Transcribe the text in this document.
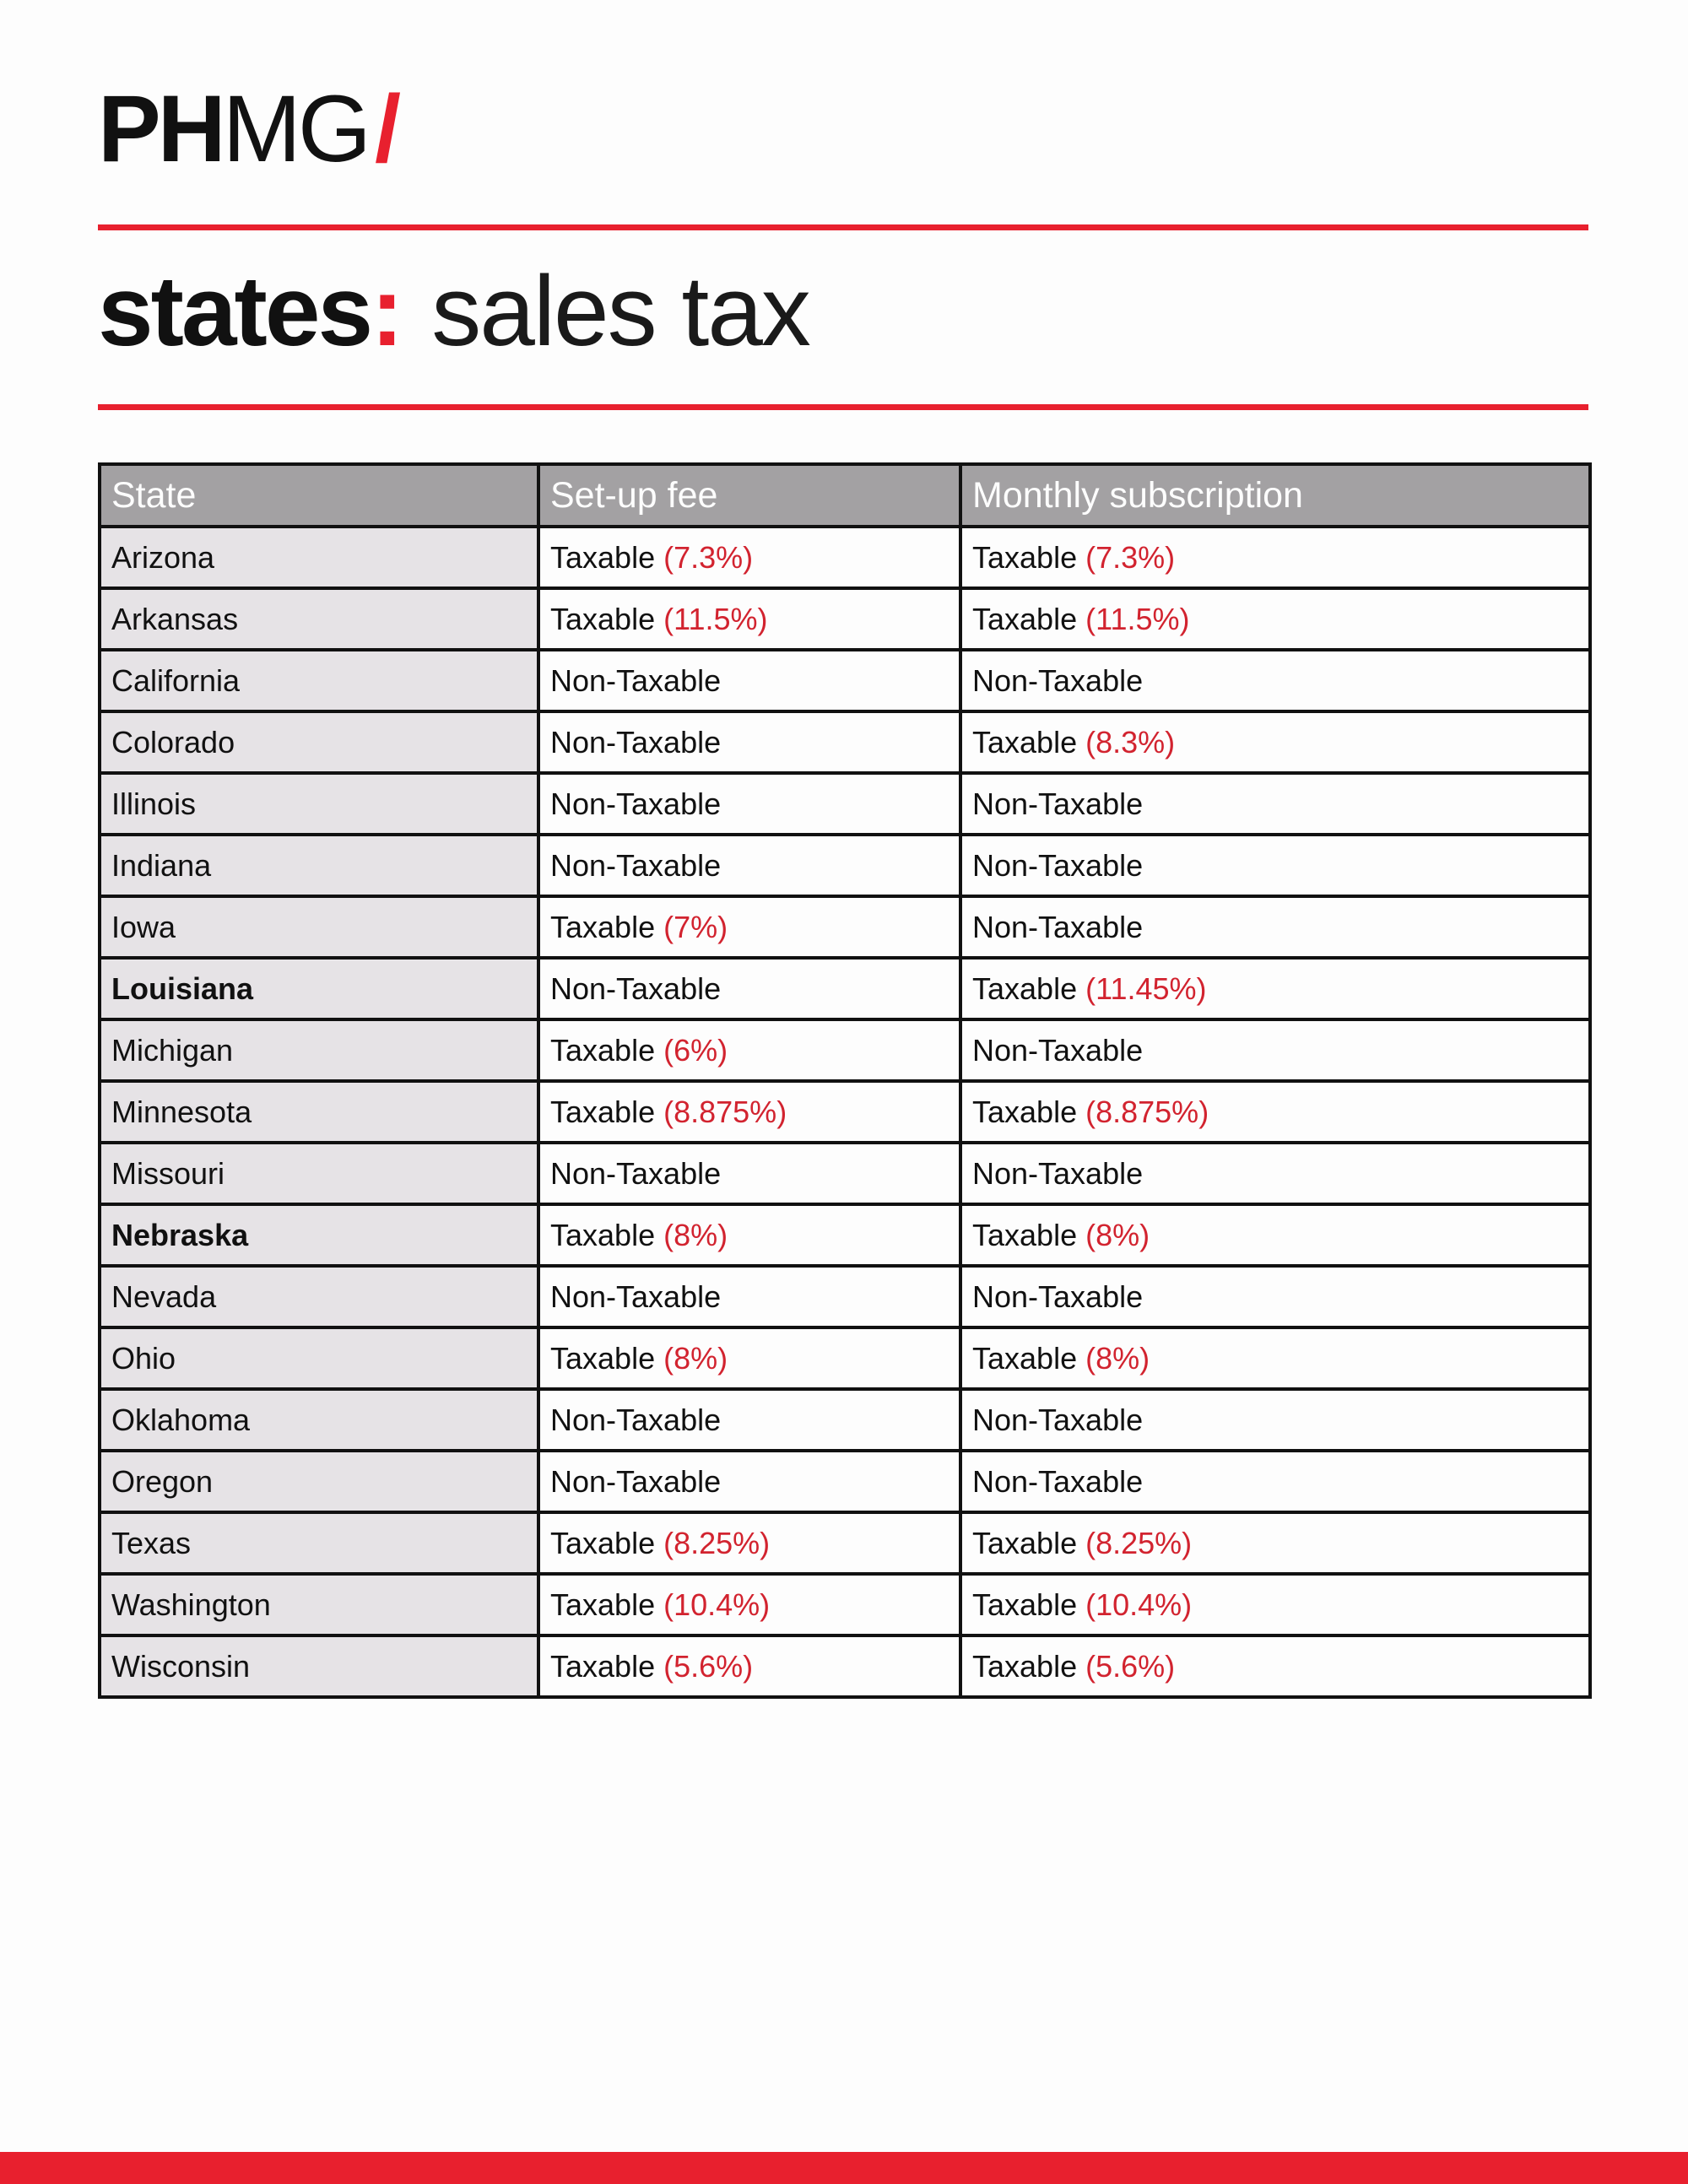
PH MG /
states: sales tax
State	Set-up fee	Monthly subscription
Arizona	Taxable (7.3%)	Taxable (7.3%)
Arkansas	Taxable (11.5%)	Taxable (11.5%)
California	Non-Taxable	Non-Taxable
Colorado	Non-Taxable	Taxable (8.3%)
Illinois	Non-Taxable	Non-Taxable
Indiana	Non-Taxable	Non-Taxable
Iowa	Taxable (7%)	Non-Taxable
Louisiana	Non-Taxable	Taxable (11.45%)
Michigan	Taxable (6%)	Non-Taxable
Minnesota	Taxable (8.875%)	Taxable (8.875%)
Missouri	Non-Taxable	Non-Taxable
Nebraska	Taxable (8%)	Taxable (8%)
Nevada	Non-Taxable	Non-Taxable
Ohio	Taxable (8%)	Taxable (8%)
Oklahoma	Non-Taxable	Non-Taxable
Oregon	Non-Taxable	Non-Taxable
Texas	Taxable (8.25%)	Taxable (8.25%)
Washington	Taxable (10.4%)	Taxable (10.4%)
Wisconsin	Taxable (5.6%)	Taxable (5.6%)
